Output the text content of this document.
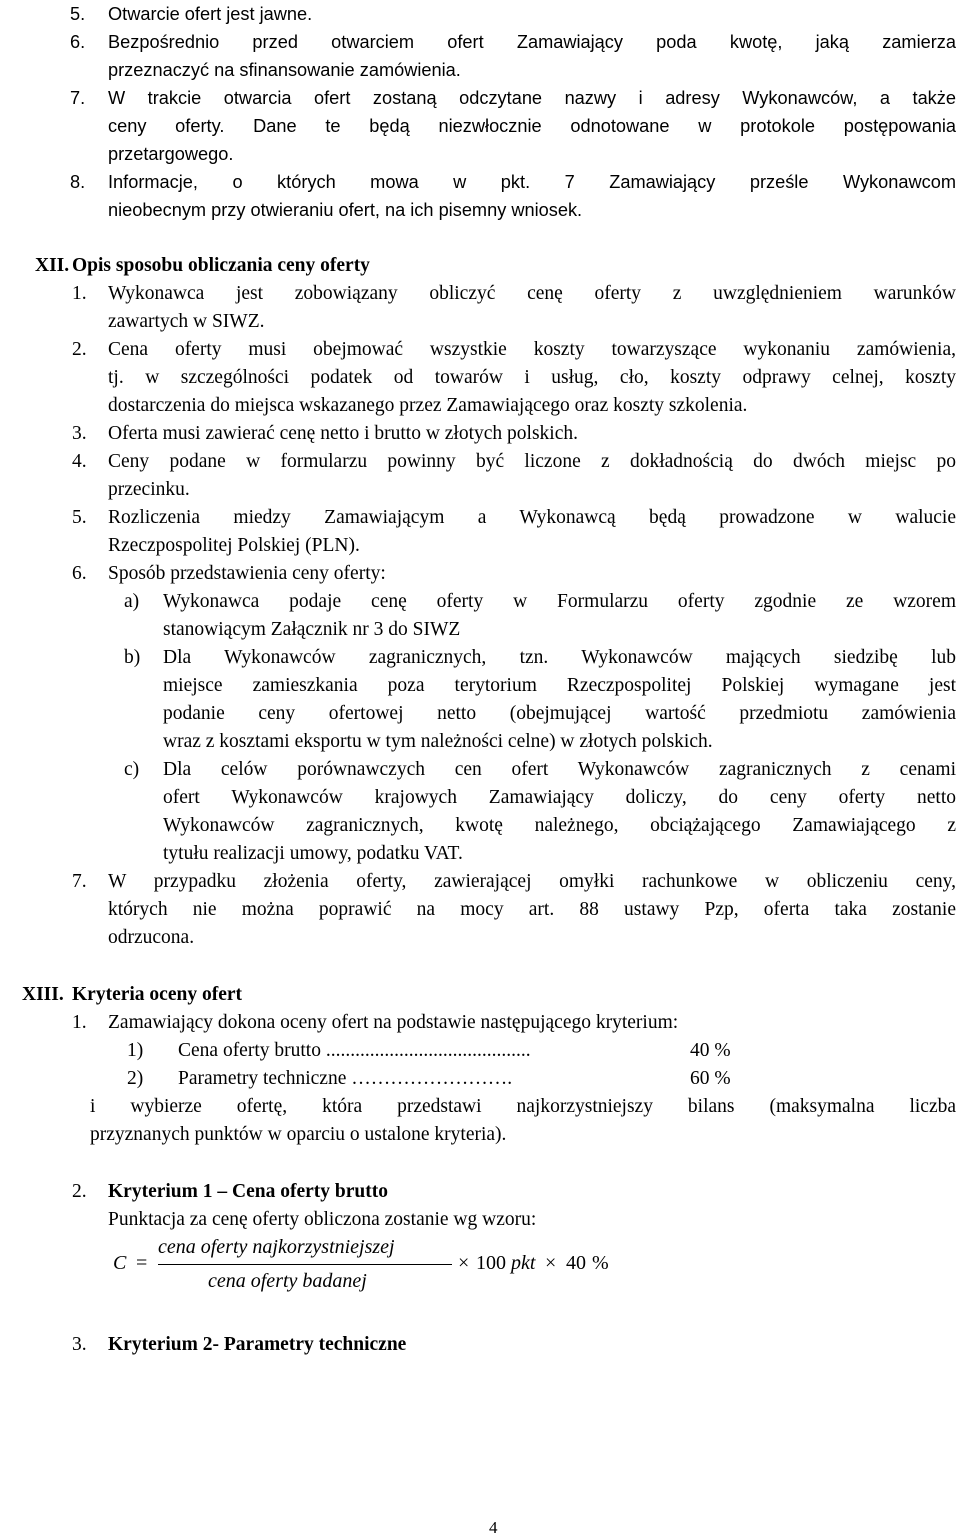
5. Otwarcie ofert jest jawne.
6. Bezpośrednio przed otwarciem ofert Zamawiający poda kwotę, jaką zamierza
przeznaczyć na sfinansowanie zamówienia.
7. W trakcie otwarcia ofert zostaną odczytane nazwy i adresy Wykonawców, a także
ceny oferty. Dane te będą niezwłocznie odnotowane w protokole postępowania
przetargowego.
8. Informacje, o których mowa w pkt. 7 Zamawiający prześle Wykonawcom
nieobecnym przy otwieraniu ofert, na ich pisemny wniosek.
XII. Opis sposobu obliczania ceny oferty
1. Wykonawca jest zobowiązany obliczyć cenę oferty z uwzględnieniem warunków
zawartych w SIWZ.
2. Cena oferty musi obejmować wszystkie koszty towarzyszące wykonaniu zamówienia,
tj. w szczególności podatek od towarów i usług, cło, koszty odprawy celnej, koszty
dostarczenia do miejsca wskazanego przez Zamawiającego oraz koszty szkolenia.
3. Oferta musi zawierać cenę netto i brutto w złotych polskich.
4. Ceny podane w formularzu powinny być liczone z dokładnością do dwóch miejsc po
przecinku.
5. Rozliczenia miedzy Zamawiającym a Wykonawcą będą prowadzone w walucie
Rzeczpospolitej Polskiej (PLN).
6. Sposób przedstawienia ceny oferty:
a) Wykonawca podaje cenę oferty w Formularzu oferty zgodnie ze wzorem
stanowiącym Załącznik nr 3 do SIWZ
b) Dla Wykonawców zagranicznych, tzn. Wykonawców mających siedzibę lub
miejsce zamieszkania poza terytorium Rzeczpospolitej Polskiej wymagane jest
podanie ceny ofertowej netto (obejmującej wartość przedmiotu zamówienia
wraz z kosztami eksportu w tym należności celne) w złotych polskich.
c) Dla celów porównawczych cen ofert Wykonawców zagranicznych z cenami
ofert Wykonawców krajowych Zamawiający doliczy, do ceny oferty netto
Wykonawców zagranicznych, kwotę należnego, obciążającego Zamawiającego z
tytułu realizacji umowy, podatku VAT.
7. W przypadku złożenia oferty, zawierającej omyłki rachunkowe w obliczeniu ceny,
których nie można poprawić na mocy art. 88 ustawy Pzp, oferta taka zostanie
odrzucona.
XIII. Kryteria oceny ofert
1. Zamawiający dokona oceny ofert na podstawie następującego kryterium:
1) Cena oferty brutto ..........................................	40 %
2) Parametry techniczne …………………….	60 %
i wybierze ofertę, która przedstawi najkorzystniejszy bilans (maksymalna liczba
przyznanych punktów w oparciu o ustalone kryteria).
2. Kryterium 1 – Cena oferty brutto
Punktacja za cenę oferty obliczona zostanie wg wzoru:
C =
cena oferty najkorzystniejszej
cena oferty badanej
× 100 pkt × 40 %
3. Kryterium 2- Parametry techniczne
4
